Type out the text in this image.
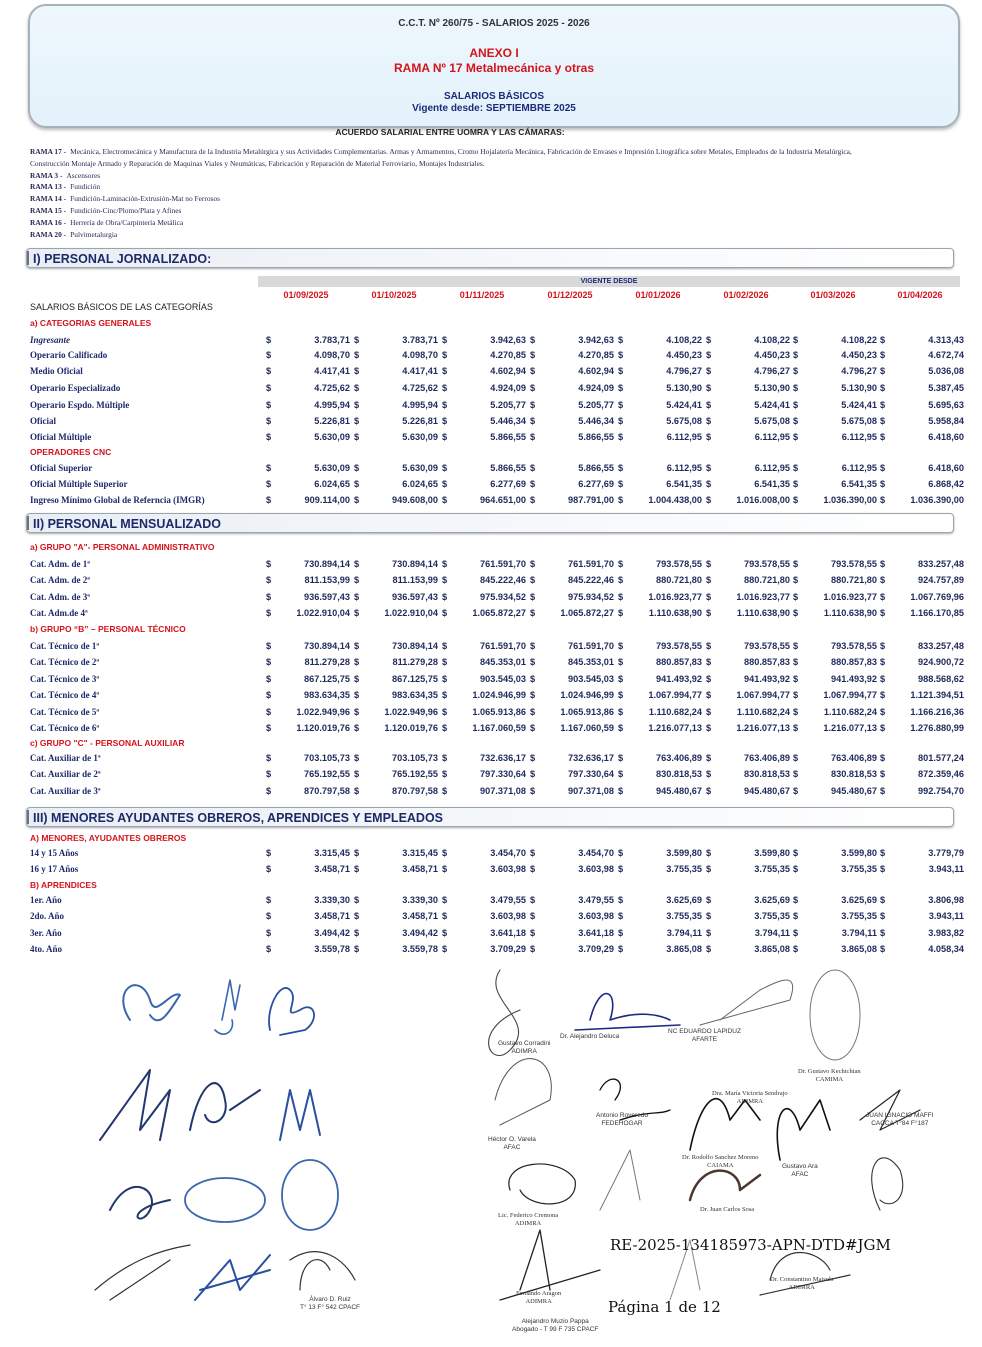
C.C.T. Nº 260/75 - SALARIOS 2025 - 2026
ANEXO I
RAMA Nº 17 Metalmecánica y otras
SALARIOS BÁSICOS
Vigente desde: SEPTIEMBRE 2025
ACUERDO SALARIAL ENTRE UOMRA Y LAS CÁMARAS:
RAMA 17 - Mecánica, Electromecánica y Manufactura de la Industria Metalúrgica y sus Actividades Complementarias. Armas y Armamentos, Cromo Hojalatería Mecánica, Fabricación de Envases e Impresión Litográfica sobre Metales, Empleados de la Industria Metalúrgica, Construcción Montaje Armado y Reparación de Maquinas Viales y Neumáticas, Fabricación y Reparación de Material Ferroviario, Montajes Industriales.
RAMA 3 - Ascensores
RAMA 13 - Fundición
RAMA 14 - Fundición-Laminación-Extrusión-Mat no Ferrosos
RAMA 15 - Fundición-Cinc/Plomo/Plata y Afines
RAMA 16 - Herrería de Obra/Carpintería Metálica
RAMA 20 - Pulvimetalurgia
VIGENTE DESDE
01/09/2025	01/10/2025	01/11/2025	01/12/2025	01/01/2026	01/02/2026	01/03/2026	01/04/2026
I) PERSONAL JORNALIZADO:
SALARIOS BÁSICOS DE LAS CATEGORÍAS
a) CATEGORIAS GENERALES
Ingresante	$	3.783,71 $	3.783,71 $	3.942,63 $	3.942,63 $	4.108,22 $	4.108,22 $	4.108,22 $	4.313,43
Operario Calificado	$	4.098,70 $	4.098,70 $	4.270,85 $	4.270,85 $	4.450,23 $	4.450,23 $	4.450,23 $	4.672,74
Medio Oficial	$	4.417,41 $	4.417,41 $	4.602,94 $	4.602,94 $	4.796,27 $	4.796,27 $	4.796,27 $	5.036,08
Operario Especializado	$	4.725,62 $	4.725,62 $	4.924,09 $	4.924,09 $	5.130,90 $	5.130,90 $	5.130,90 $	5.387,45
Operario Espdo. Múltiple	$	4.995,94 $	4.995,94 $	5.205,77 $	5.205,77 $	5.424,41 $	5.424,41 $	5.424,41 $	5.695,63
Oficial	$	5.226,81 $	5.226,81 $	5.446,34 $	5.446,34 $	5.675,08 $	5.675,08 $	5.675,08 $	5.958,84
Oficial Múltiple	$	5.630,09 $	5.630,09 $	5.866,55 $	5.866,55 $	6.112,95 $	6.112,95 $	6.112,95 $	6.418,60
OPERADORES CNC
Oficial Superior	$	5.630,09 $	5.630,09 $	5.866,55 $	5.866,55 $	6.112,95 $	6.112,95 $	6.112,95 $	6.418,60
Oficial Múltiple Superior	$	6.024,65 $	6.024,65 $	6.277,69 $	6.277,69 $	6.541,35 $	6.541,35 $	6.541,35 $	6.868,42
Ingreso Mínimo Global de Referncia (IMGR)	$	909.114,00 $	949.608,00 $	964.651,00 $	987.791,00 $	1.004.438,00 $	1.016.008,00 $	1.036.390,00 $	1.036.390,00
II) PERSONAL MENSUALIZADO
a) GRUPO "A"- PERSONAL ADMINISTRATIVO
Cat. Adm. de 1ª	$	730.894,14 $	730.894,14 $	761.591,70 $	761.591,70 $	793.578,55 $	793.578,55 $	793.578,55 $	833.257,48
Cat. Adm. de 2ª	$	811.153,99 $	811.153,99 $	845.222,46 $	845.222,46 $	880.721,80 $	880.721,80 $	880.721,80 $	924.757,89
Cat. Adm. de 3ª	$	936.597,43 $	936.597,43 $	975.934,52 $	975.934,52 $	1.016.923,77 $	1.016.923,77 $	1.016.923,77 $	1.067.769,96
Cat. Adm.de 4ª	$	1.022.910,04 $	1.022.910,04 $	1.065.872,27 $	1.065.872,27 $	1.110.638,90 $	1.110.638,90 $	1.110.638,90 $	1.166.170,85
b) GRUPO “B” – PERSONAL TÉCNICO
Cat. Técnico de 1ª	$	730.894,14 $	730.894,14 $	761.591,70 $	761.591,70 $	793.578,55 $	793.578,55 $	793.578,55 $	833.257,48
Cat. Técnico de 2ª	$	811.279,28 $	811.279,28 $	845.353,01 $	845.353,01 $	880.857,83 $	880.857,83 $	880.857,83 $	924.900,72
Cat. Técnico de 3ª	$	867.125,75 $	867.125,75 $	903.545,03 $	903.545,03 $	941.493,92 $	941.493,92 $	941.493,92 $	988.568,62
Cat. Técnico de 4ª	$	983.634,35 $	983.634,35 $	1.024.946,99 $	1.024.946,99 $	1.067.994,77 $	1.067.994,77 $	1.067.994,77 $	1.121.394,51
Cat. Técnico de 5ª	$	1.022.949,96 $	1.022.949,96 $	1.065.913,86 $	1.065.913,86 $	1.110.682,24 $	1.110.682,24 $	1.110.682,24 $	1.166.216,36
Cat. Técnico de 6ª	$	1.120.019,76 $	1.120.019,76 $	1.167.060,59 $	1.167.060,59 $	1.216.077,13 $	1.216.077,13 $	1.216.077,13 $	1.276.880,99
c) GRUPO "C" - PERSONAL AUXILIAR
Cat. Auxiliar de 1ª	$	703.105,73 $	703.105,73 $	732.636,17 $	732.636,17 $	763.406,89 $	763.406,89 $	763.406,89 $	801.577,24
Cat. Auxiliar de 2ª	$	765.192,55 $	765.192,55 $	797.330,64 $	797.330,64 $	830.818,53 $	830.818,53 $	830.818,53 $	872.359,46
Cat. Auxiliar de 3ª	$	870.797,58 $	870.797,58 $	907.371,08 $	907.371,08 $	945.480,67 $	945.480,67 $	945.480,67 $	992.754,70
III) MENORES AYUDANTES OBREROS, APRENDICES Y EMPLEADOS
A) MENORES, AYUDANTES OBREROS
14 y 15 Años	$	3.315,45 $	3.315,45 $	3.454,70 $	3.454,70 $	3.599,80 $	3.599,80 $	3.599,80 $	3.779,79
16 y 17 Años	$	3.458,71 $	3.458,71 $	3.603,98 $	3.603,98 $	3.755,35 $	3.755,35 $	3.755,35 $	3.943,11
B) APRENDICES
1er. Año	$	3.339,30 $	3.339,30 $	3.479,55 $	3.479,55 $	3.625,69 $	3.625,69 $	3.625,69 $	3.806,98
2do. Año	$	3.458,71 $	3.458,71 $	3.603,98 $	3.603,98 $	3.755,35 $	3.755,35 $	3.755,35 $	3.943,11
3er. Año	$	3.494,42 $	3.494,42 $	3.641,18 $	3.641,18 $	3.794,11 $	3.794,11 $	3.794,11 $	3.983,82
4to. Año	$	3.559,78 $	3.559,78 $	3.709,29 $	3.709,29 $	3.865,08 $	3.865,08 $	3.865,08 $	4.058,34
Gustavo Corradini
ADIMRA
Dr. Alejandro Deluca
NC EDUARDO LAPIDUZ
AFARTE
Dr. Gustavo Kechichian
CAMIMA
Dra. María Victoria Sendrajo
ADIMRA
Antonio Roveredo
FEDEHOGAR
Héctor O. Varela
AFAC
Dr. Rodolfo Sanchez Moreno
CAIAMA	Gustavo Ara
AFAC
JUAN IGNACIO MAFFI
CACCA T°84 F°187
Lic. Federico Cremona
ADIMRA
Dr. Juan Carlos Sosa
Fernando Aragon
ADIMRA
Alejandro Muzio Pappa
Abogado - T 99 F 735 CPACF
Dr. Constantino Maisuls
ADIMRA
Álvaro D. Ruiz
T° 13 F° 542 CPACF
RE-2025-134185973-APN-DTD#JGM
Página 1 de 12
